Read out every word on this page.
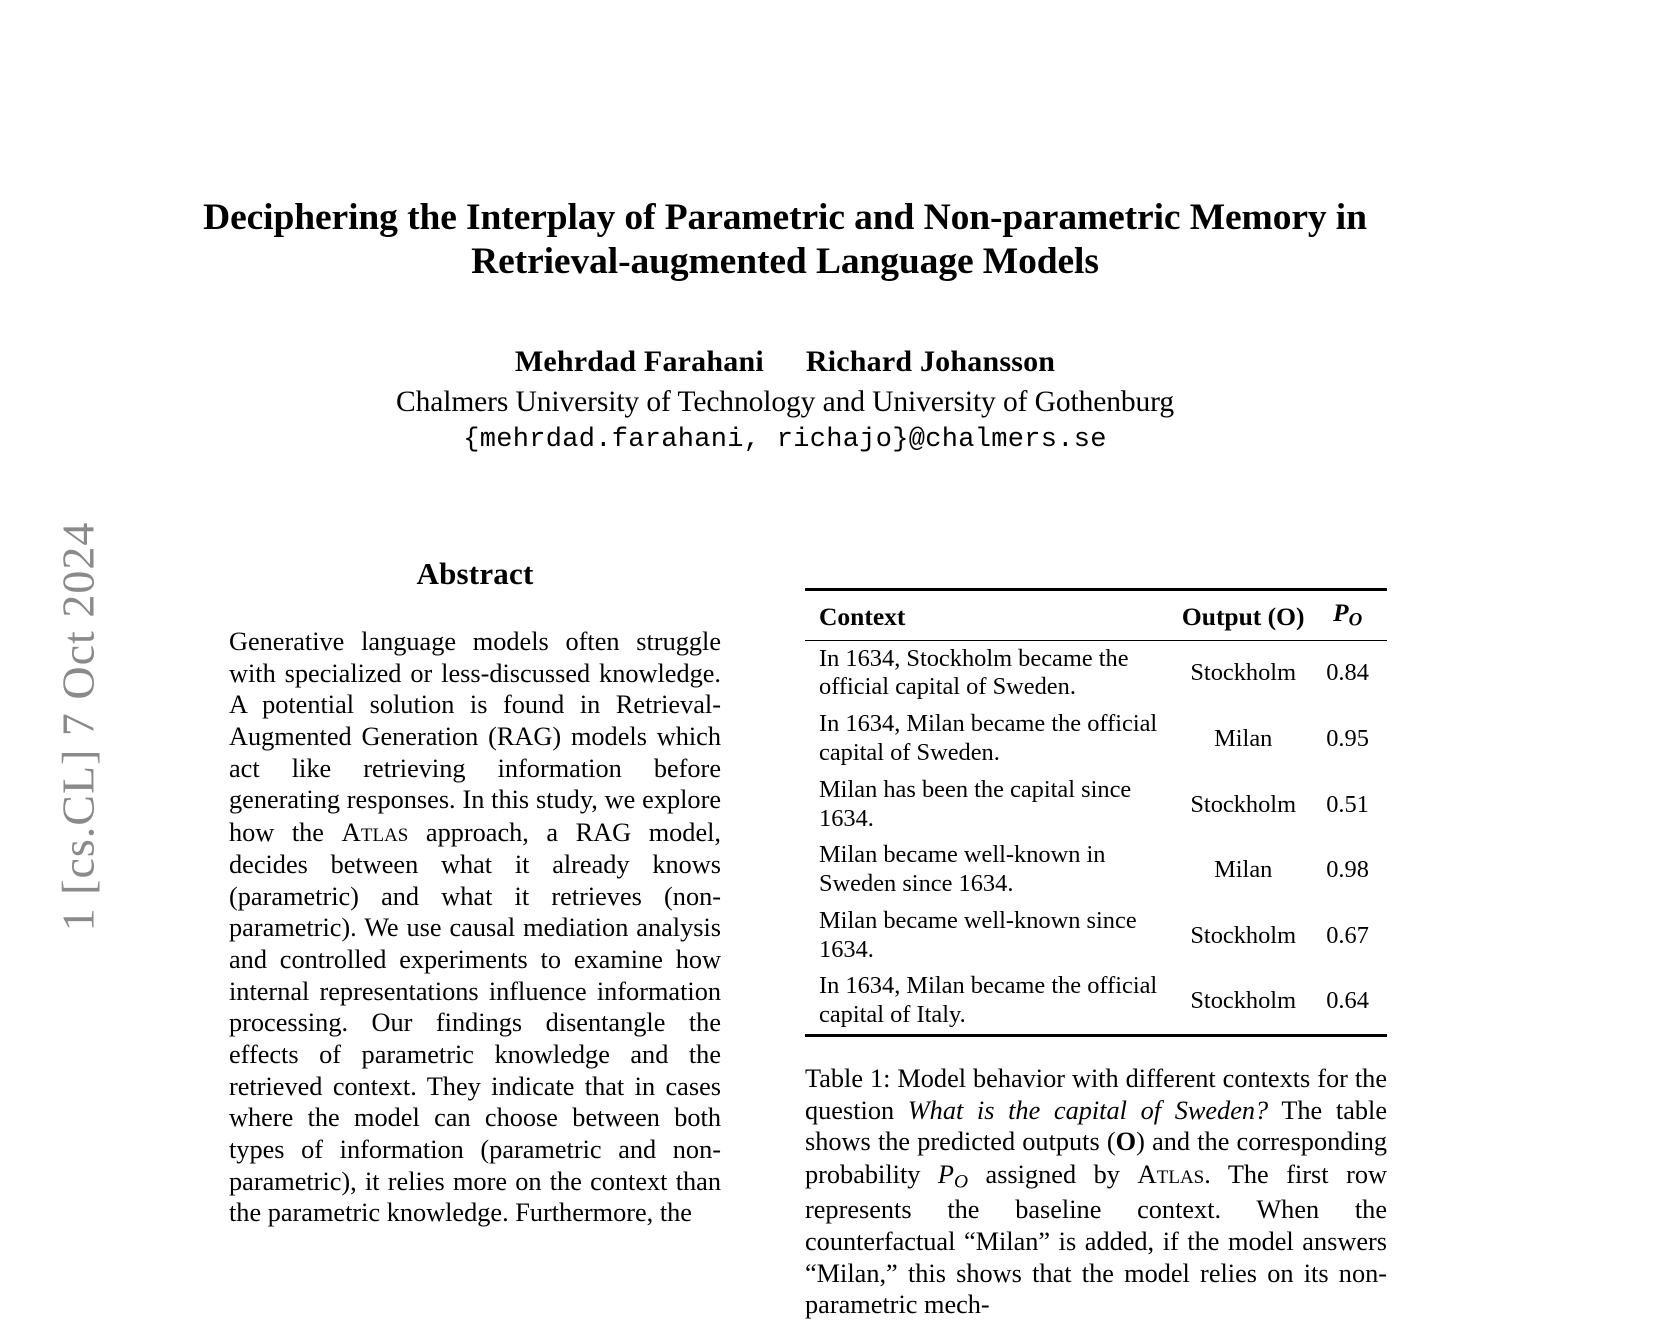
1 [cs.CL] 7 Oct 2024
Deciphering the Interplay of Parametric and Non-parametric Memory in
Retrieval-augmented Language Models
Mehrdad Farahani Richard Johansson
Chalmers University of Technology and University of Gothenburg
{mehrdad.farahani, richajo}@chalmers.se
Abstract
Generative language models often struggle with specialized or less-discussed knowledge. A potential solution is found in Retrieval-Augmented Generation (RAG) models which act like retrieving information before generating responses. In this study, we explore how the Atlas approach, a RAG model, decides between what it already knows (parametric) and what it retrieves (non-parametric). We use causal mediation analysis and controlled experiments to examine how internal representations influence information processing. Our findings disentangle the effects of parametric knowledge and the retrieved context. They indicate that in cases where the model can choose between both types of information (parametric and non-parametric), it relies more on the context than the parametric knowledge. Furthermore, the

Context	Output (O)	$P_O$

In 1634, Stockholm became the official capital of Sweden.	Stockholm	0.84
In 1634, Milan became the official capital of Sweden.	Milan	0.95
Milan has been the capital since 1634.	Stockholm	0.51
Milan became well-known in Sweden since 1634.	Milan	0.98
Milan became well-known since 1634.	Stockholm	0.67
In 1634, Milan became the official capital of Italy.	Stockholm	0.64

Table 1: Model behavior with different contexts for the question What is the capital of Sweden? The table shows the predicted outputs (O) and the corresponding probability $P_O$ assigned by Atlas. The first row represents the baseline context. When the counterfactual “Milan” is added, if the model answers “Milan,” this shows that the model relies on its non-parametric mech-
